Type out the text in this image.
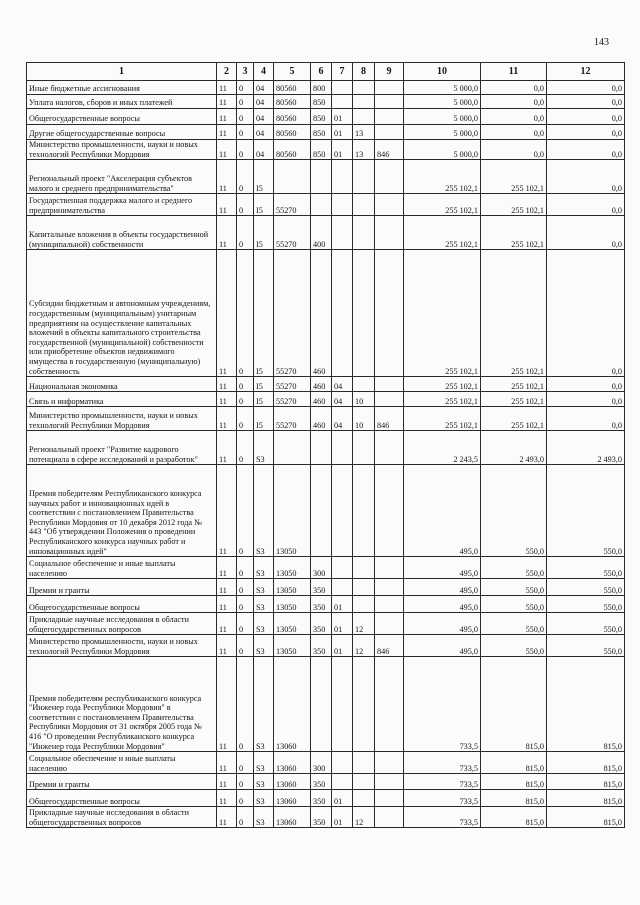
143
1	2	3	4	5	6	7	8	9	10	11	12
Иные бюджетные ассигнования	11	0	04	80560	800				5 000,0	0,0	0,0
Уплата налогов, сборов и иных платежей	11	0	04	80560	850				5 000,0	0,0	0,0
Общегосударственные вопросы	11	0	04	80560	850	01			5 000,0	0,0	0,0
Другие общегосударственные вопросы	11	0	04	80560	850	01	13		5 000,0	0,0	0,0
Министерство промышленности, науки и новых технологий Республики Мордовия	11	0	04	80560	850	01	13	846	5 000,0	0,0	0,0
Региональный проект "Акселерация субъектов малого и среднего предпринимательства"	11	0	I5						255 102,1	255 102,1	0,0
Государственная поддержка малого и среднего предпринимательства	11	0	I5	55270					255 102,1	255 102,1	0,0
Капитальные вложения в объекты государственной (муниципальной) собственности	11	0	I5	55270	400				255 102,1	255 102,1	0,0
Субсидии бюджетным и автономным учреждениям, государственным (муниципальным) унитарным предприятиям на осуществление капитальных вложений в объекты капитального строительства государственной (муниципальной) собственности или приобретение объектов недвижимого имущества в государственную (муниципальную) собственность	11	0	I5	55270	460				255 102,1	255 102,1	0,0
Национальная экономика	11	0	I5	55270	460	04			255 102,1	255 102,1	0,0
Связь и информатика	11	0	I5	55270	460	04	10		255 102,1	255 102,1	0,0
Министерство промышленности, науки и новых технологий Республики Мордовия	11	0	I5	55270	460	04	10	846	255 102,1	255 102,1	0,0
Региональный проект "Развитие кадрового потенциала в сфере исследований и разработок"	11	0	S3						2 243,5	2 493,0	2 493,0
Премия победителям Республиканского конкурса научных работ и инновационных идей в соответствии с постановлением Правительства Республики Мордовия от 10 декабря 2012 года № 443 "Об утверждении Положения о проведении Республиканского конкурса научных работ и инновационных идей"	11	0	S3	13050					495,0	550,0	550,0
Социальное обеспечение и иные выплаты населению	11	0	S3	13050	300				495,0	550,0	550,0
Премии и гранты	11	0	S3	13050	350				495,0	550,0	550,0
Общегосударственные вопросы	11	0	S3	13050	350	01			495,0	550,0	550,0
Прикладные научные исследования в области общегосударственных вопросов	11	0	S3	13050	350	01	12		495,0	550,0	550,0
Министерство промышленности, науки и новых технологий Республики Мордовия	11	0	S3	13050	350	01	12	846	495,0	550,0	550,0
Премия победителям республиканского конкурса "Инженер года Республики Мордовия" в соответствии с постановлением Правительства Республики Мордовия от 31 октября 2005 года № 416 "О проведении Республиканского конкурса "Инженер года Республики Мордовия"	11	0	S3	13060					733,5	815,0	815,0
Социальное обеспечение и иные выплаты населению	11	0	S3	13060	300				733,5	815,0	815,0
Премии и гранты	11	0	S3	13060	350				733,5	815,0	815,0
Общегосударственные вопросы	11	0	S3	13060	350	01			733,5	815,0	815,0
Прикладные научные исследования в области общегосударственных вопросов	11	0	S3	13060	350	01	12		733,5	815,0	815,0
